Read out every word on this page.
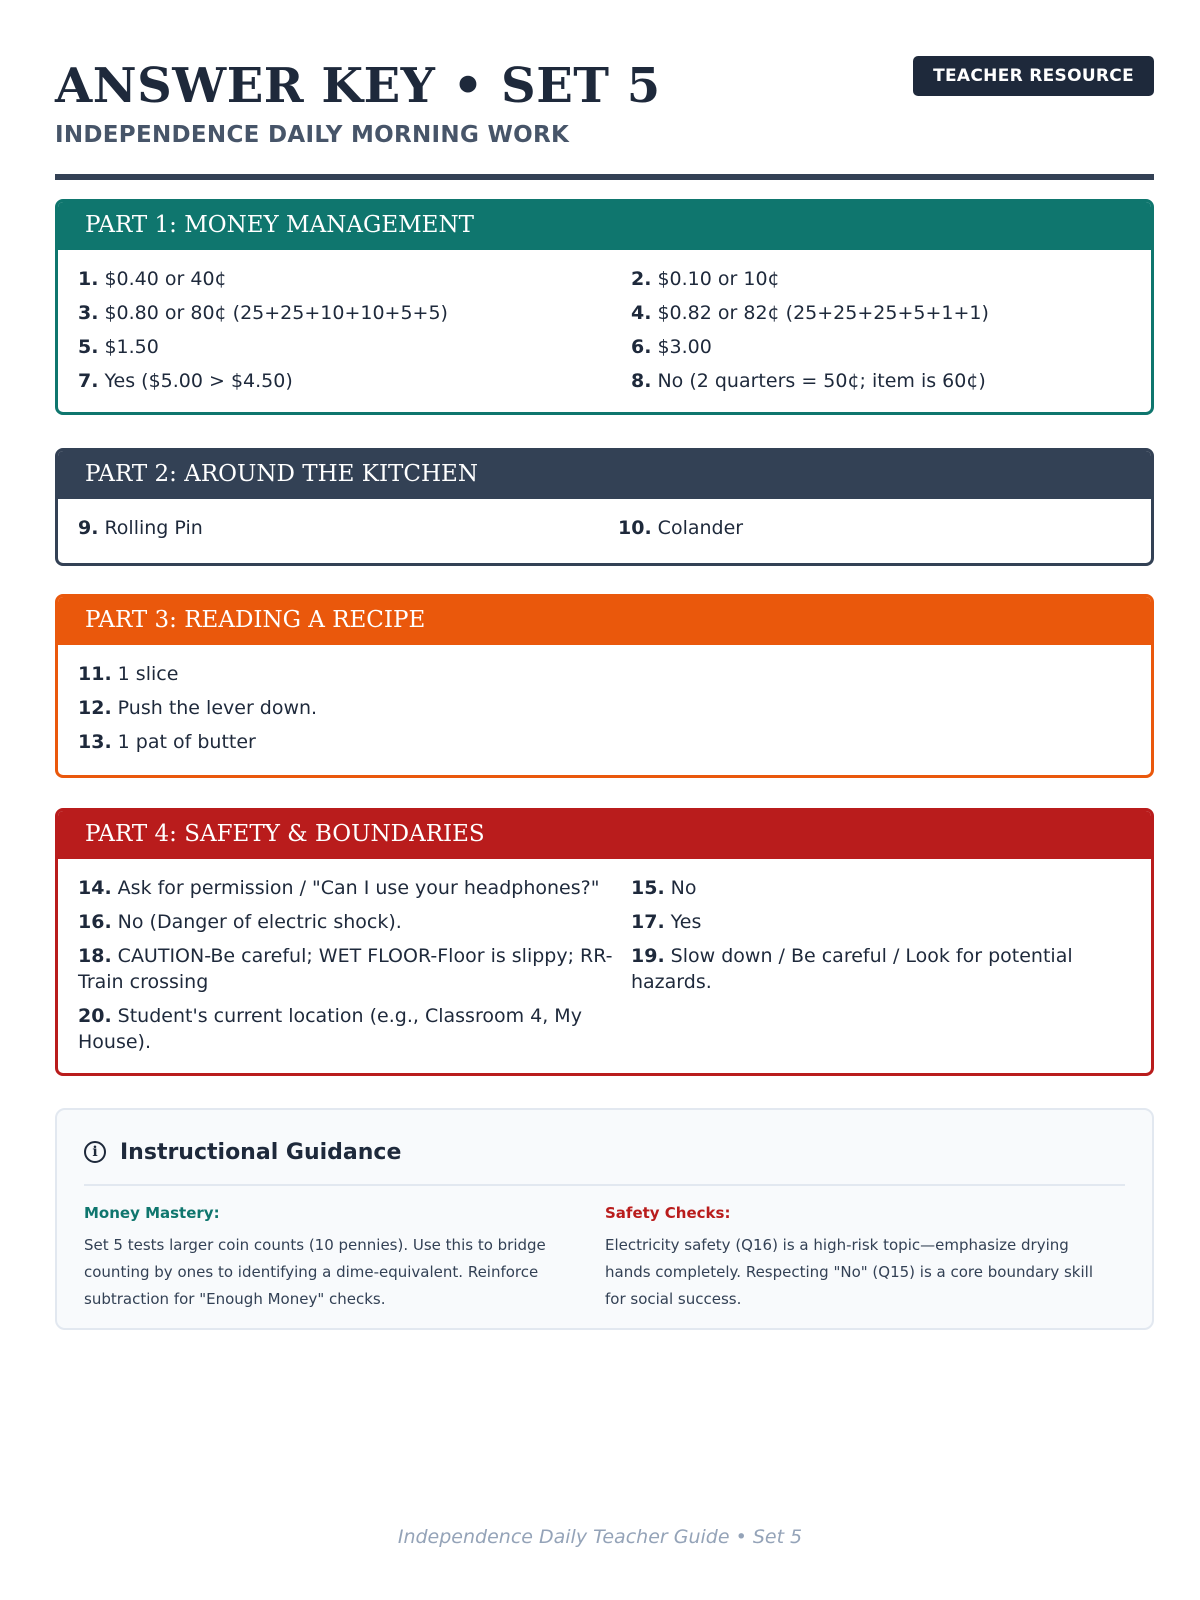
ANSWER KEY • SET 5
INDEPENDENCE DAILY MORNING WORK
TEACHER RESOURCE
PART 1: MONEY MANAGEMENT
1. $0.40 or 40¢	2. $0.10 or 10¢
3. $0.80 or 80¢ (25+25+10+10+5+5)	4. $0.82 or 82¢ (25+25+25+5+1+1)
5. $1.50	6. $3.00
7. Yes ($5.00 > $4.50)	8. No (2 quarters = 50¢; item is 60¢)
PART 2: AROUND THE KITCHEN
9. Rolling Pin	10. Colander
PART 3: READING A RECIPE
11. 1 slice
12. Push the lever down.
13. 1 pat of butter
PART 4: SAFETY & BOUNDARIES
14. Ask for permission / "Can I use your headphones?"	15. No
16. No (Danger of electric shock).	17. Yes
18. CAUTION-Be careful; WET FLOOR-Floor is slippy; RR-Train crossing
19. Slow down / Be careful / Look for potential hazards.
20. Student's current location (e.g., Classroom 4, My House).
i	Instructional Guidance
Money Mastery:
Set 5 tests larger coin counts (10 pennies). Use this to bridge counting by ones to identifying a dime-equivalent. Reinforce subtraction for "Enough Money" checks.
Safety Checks:
Electricity safety (Q16) is a high-risk topic—emphasize drying hands completely. Respecting "No" (Q15) is a core boundary skill for social success.
Independence Daily Teacher Guide • Set 5
